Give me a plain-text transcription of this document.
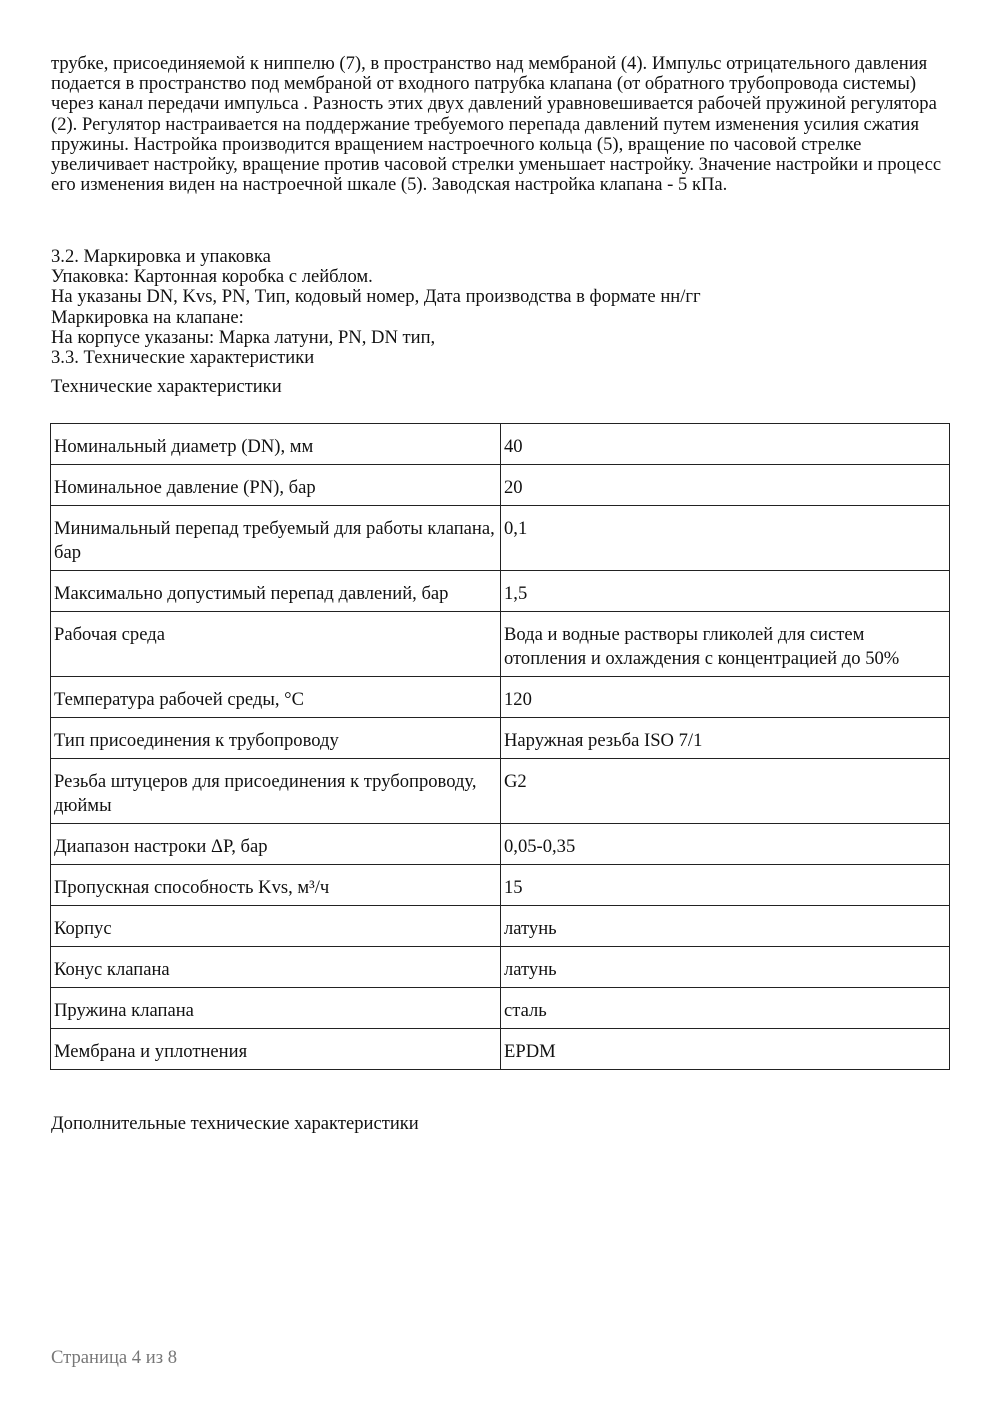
трубке, присоединяемой к ниппелю (7), в пространство над мембраной (4). Импульс отрицательного давления подается в пространство под мембраной от входного патрубка клапана (от обратного трубопровода системы) через канал передачи импульса . Разность этих двух давлений уравновешивается рабочей пружиной регулятора (2). Регулятор настраивается на поддержание требуемого перепада давлений путем изменения усилия сжатия пружины. Настройка производится вращением настроечного кольца (5), вращение по часовой стрелке увеличивает настройку, вращение против часовой стрелки уменьшает настройку. Значение настройки и процесс его изменения виден на настроечной шкале (5). Заводская настройка клапана - 5 кПа.

3.2. Маркировка и упаковка
Упаковка: Картонная коробка с лейблом.
На указаны DN, Kvs, PN, Тип, кодовый номер, Дата производства в формате нн/гг
Маркировка на клапане:
На корпусе указаны: Марка латуни, PN, DN тип,
3.3. Технические характеристики
Технические характеристики
Номинальный диаметр (DN), мм	40
Номинальное давление (PN), бар	20
Минимальный перепад требуемый для работы клапана, бар	0,1
Максимально допустимый перепад давлений, бар	1,5
Рабочая среда	Вода и водные растворы гликолей для систем отопления и охлаждения с концентрацией до 50%
Температура рабочей среды, °С	120
Тип присоединения к трубопроводу	Наружная резьба ISO 7/1
Резьба штуцеров для присоединения к трубопроводу, дюймы	G2
Диапазон настроки ΔP, бар	0,05-0,35
Пропускная способность Kvs, м³/ч	15
Корпус	латунь
Конус клапана	латунь
Пружина клапана	сталь
Мембрана и уплотнения	EPDM
Дополнительные технические характеристики
Страница 4 из 8
